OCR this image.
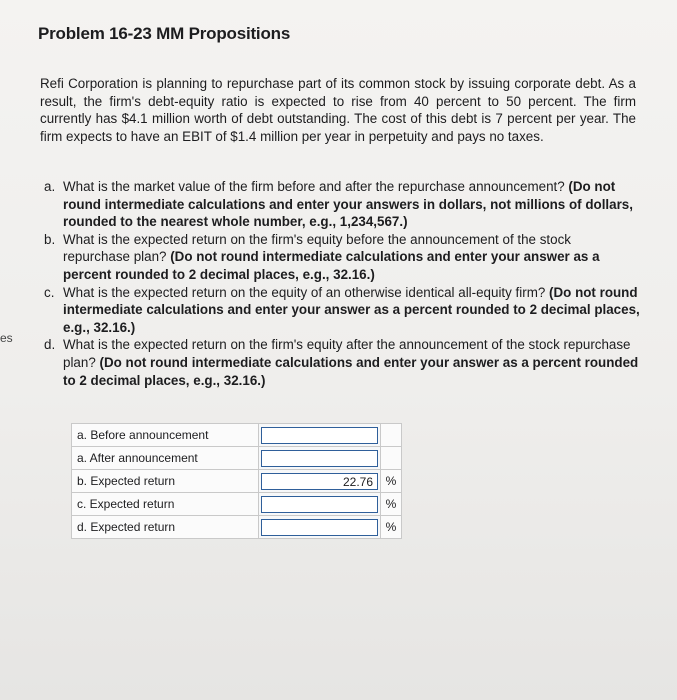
es
Problem 16-23 MM Propositions

Refi Corporation is planning to repurchase part of its common stock by issuing corporate debt. As a result, the firm's debt-equity ratio is expected to rise from 40 percent to 50 percent. The firm currently has $4.1 million worth of debt outstanding. The cost of this debt is 7 percent per year. The firm expects to have an EBIT of $1.4 million per year in perpetuity and pays no taxes.

a. What is the market value of the firm before and after the repurchase announcement? (Do not round intermediate calculations and enter your answers in dollars, not millions of dollars, rounded to the nearest whole number, e.g., 1,234,567.)
b. What is the expected return on the firm's equity before the announcement of the stock repurchase plan? (Do not round intermediate calculations and enter your answer as a percent rounded to 2 decimal places, e.g., 32.16.)
c. What is the expected return on the equity of an otherwise identical all-equity firm? (Do not round intermediate calculations and enter your answer as a percent rounded to 2 decimal places, e.g., 32.16.)
d. What is the expected return on the firm's equity after the announcement of the stock repurchase plan? (Do not round intermediate calculations and enter your answer as a percent rounded to 2 decimal places, e.g., 32.16.)
a. Before announcement	

a. After announcement	

b. Expected return	22.76	%
c. Expected return		%
d. Expected return		%
